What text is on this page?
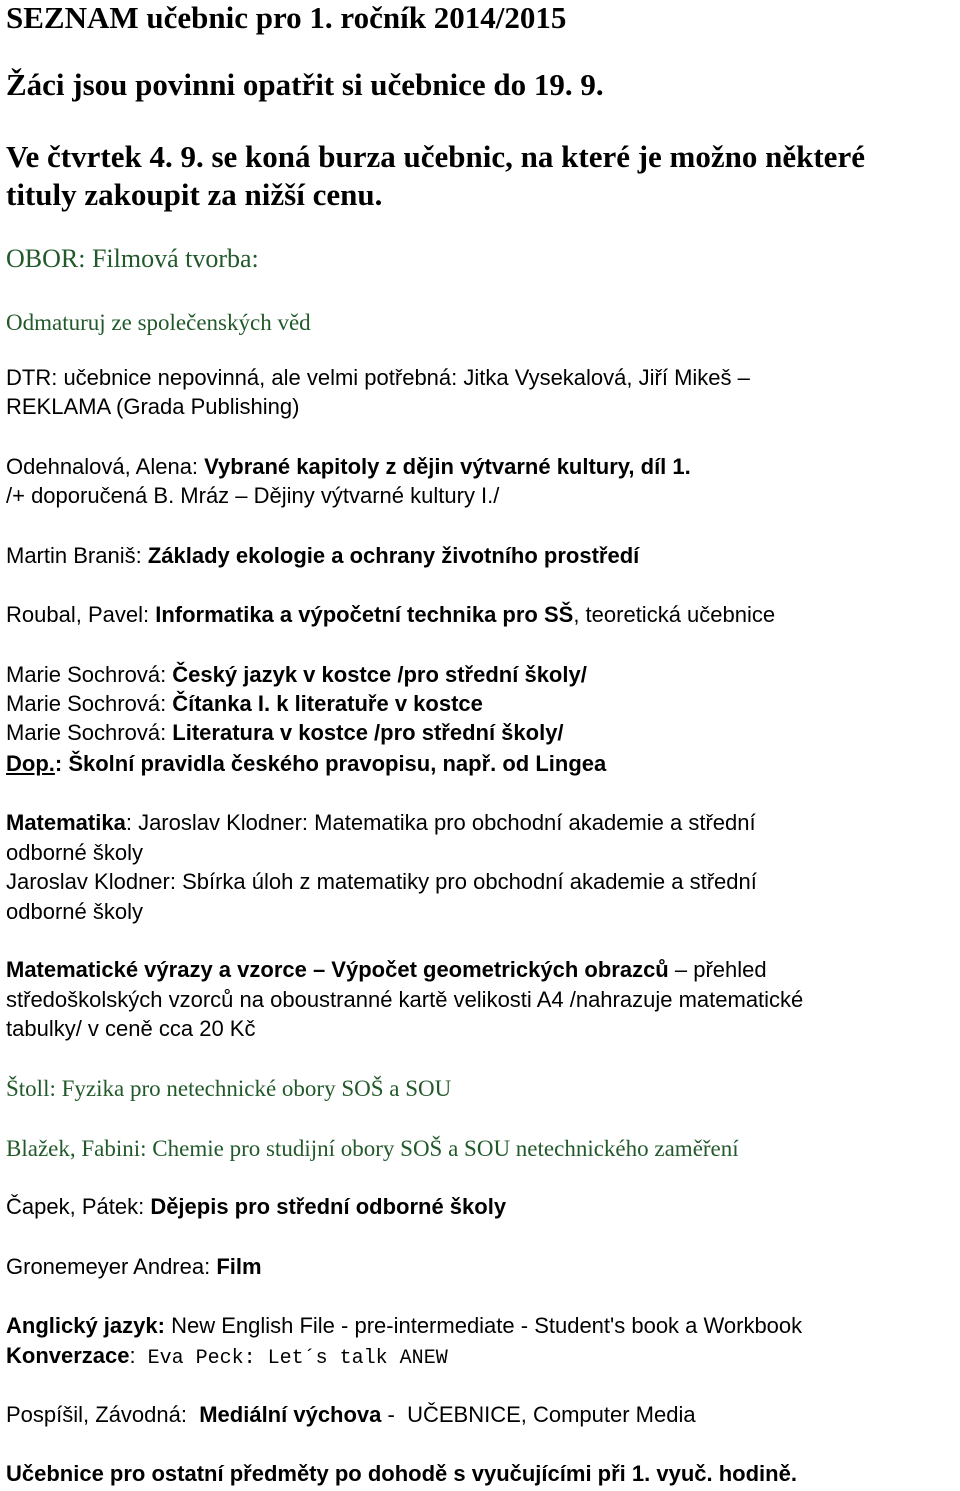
SEZNAM učebnic pro 1. ročník 2014/2015
Žáci jsou povinni opatřit si učebnice do 19. 9.
Ve čtvrtek 4. 9. se koná burza učebnic, na které je možno některé
tituly zakoupit za nižší cenu.
OBOR: Filmová tvorba:
Odmaturuj ze společenských věd
DTR: učebnice nepovinná, ale velmi potřebná: Jitka Vysekalová, Jiří Mikeš –
REKLAMA (Grada Publishing)
Odehnalová, Alena: Vybrané kapitoly z dějin výtvarné kultury, díl 1.
/+ doporučená B. Mráz – Dějiny výtvarné kultury I./
Martin Braniš: Základy ekologie a ochrany životního prostředí
Roubal, Pavel: Informatika a výpočetní technika pro SŠ, teoretická učebnice
Marie Sochrová: Český jazyk v kostce /pro střední školy/
Marie Sochrová: Čítanka I. k literatuře v kostce
Marie Sochrová: Literatura v kostce /pro střední školy/
Dop.: Školní pravidla českého pravopisu, např. od Lingea
Matematika: Jaroslav Klodner: Matematika pro obchodní akademie a střední
odborné školy
Jaroslav Klodner: Sbírka úloh z matematiky pro obchodní akademie a střední
odborné školy
Matematické výrazy a vzorce – Výpočet geometrických obrazců – přehled
středoškolských vzorců na oboustranné kartě velikosti A4 /nahrazuje matematické
tabulky/ v ceně cca 20 Kč
Štoll: Fyzika pro netechnické obory SOŠ a SOU
Blažek, Fabini: Chemie pro studijní obory SOŠ a SOU netechnického zaměření
Čapek, Pátek: Dějepis pro střední odborné školy
Gronemeyer Andrea: Film
Anglický jazyk: New English File - pre-intermediate - Student's book a Workbook
Konverzace: Eva Peck: Let´s talk ANEW
Pospíšil, Závodná:  Mediální výchova -  UČEBNICE, Computer Media
Učebnice pro ostatní předměty po dohodě s vyučujícími při 1. vyuč. hodině.
